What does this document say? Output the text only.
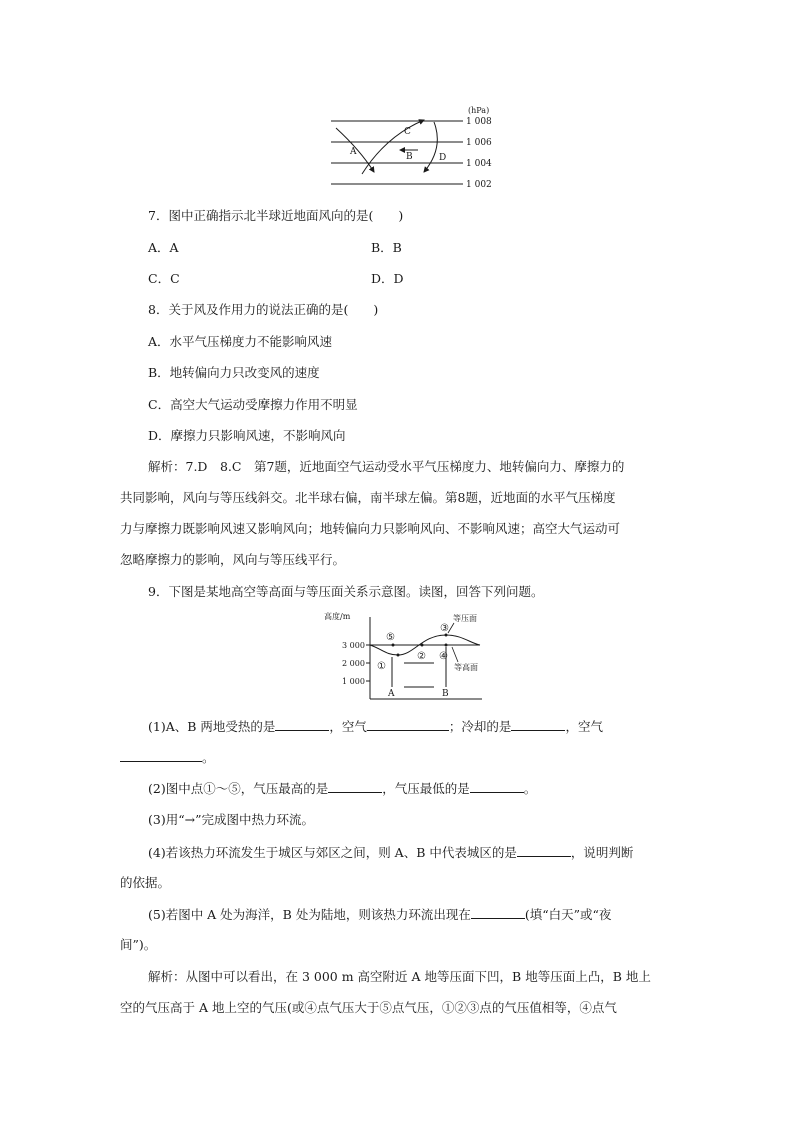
(hPa)
1 008
1 006
1 004
1 002
A	B
C
D
7．图中正确指示北半球近地面风向的是(　　)
A．A	B．B
C．C	D．D
8．关于风及作用力的说法正确的是(　　)
A．水平气压梯度力不能影响风速
B．地转偏向力只改变风的速度
C．高空大气运动受摩擦力作用不明显
D．摩擦力只影响风速，不影响风向
解析：7.D　8.C　第7题，近地面空气运动受水平气压梯度力、地转偏向力、摩擦力的
共同影响，风向与等压线斜交。北半球右偏，南半球左偏。第8题，近地面的水平气压梯度
力与摩擦力既影响风速又影响风向；地转偏向力只影响风向、不影响风速；高空大气运动可
忽略摩擦力的影响，风向与等压线平行。
9．下图是某地高空等高面与等压面关系示意图。读图，回答下列问题。
高度/m
3 000
2 000
1 000
⑤
③
①
② ④
A	B
等压面
等高面
(1)A、B 两地受热的是	，空气	；冷却的是	，空气
。
(2)图中点①～⑤，气压最高的是	，气压最低的是	。
(3)用“→”完成图中热力环流。
(4)若该热力环流发生于城区与郊区之间，则 A、B 中代表城区的是	，说明判断
的依据。
(5)若图中 A 处为海洋，B 处为陆地，则该热力环流出现在	(填“白天”或“夜
间”)。
解析：从图中可以看出，在 3 000 m 高空附近 A 地等压面下凹，B 地等压面上凸，B 地上
空的气压高于 A 地上空的气压(或④点气压大于⑤点气压，①②③点的气压值相等，④点气
